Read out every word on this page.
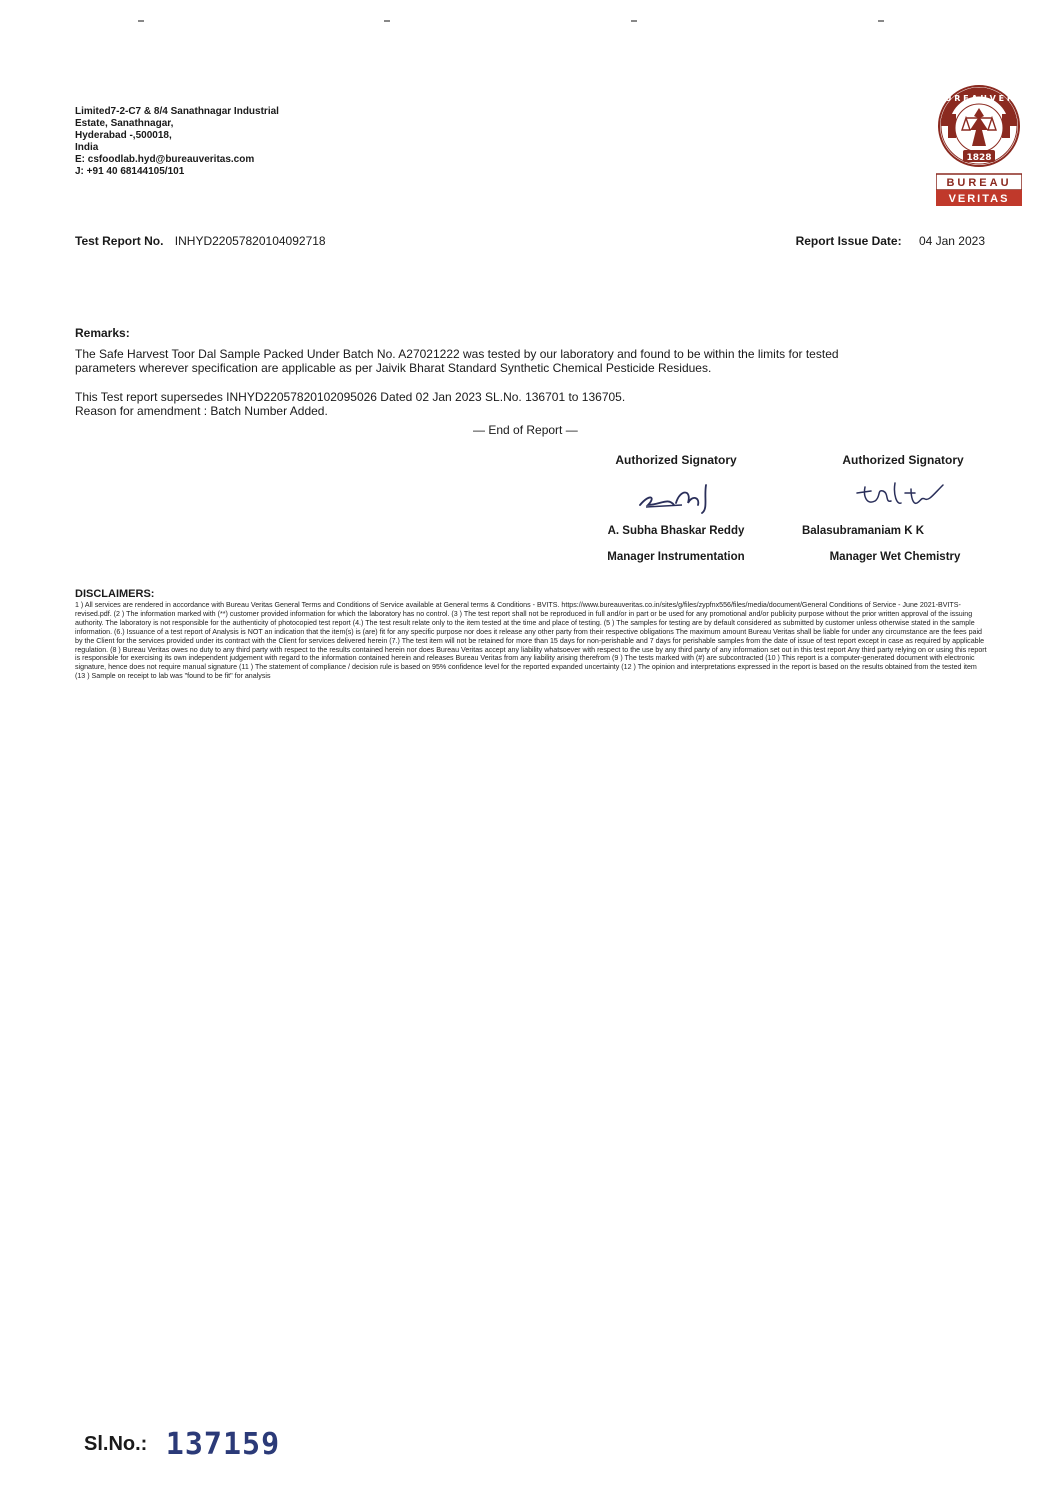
Limited7-2-C7 & 8/4 Sanathnagar Industrial
Estate, Sanathnagar,
Hyderabad -,500018,
India
E: csfoodlab.hyd@bureauveritas.com
J: +91 40 68144105/101
U R E A U V E R
1828
BUREAU
VERITAS
Test Report No. INHYD22057820104092718	Report Issue Date: 04 Jan 2023
Remarks:
The Safe Harvest Toor Dal Sample Packed Under Batch No. A27021222 was tested by our laboratory and found to be within the limits for tested
parameters wherever specification are applicable as per Jaivik Bharat Standard Synthetic Chemical Pesticide Residues.
This Test report supersedes INHYD22057820102095026 Dated 02 Jan 2023 SL.No. 136701 to 136705.
Reason for amendment : Batch Number Added.
— End of Report —
Authorized Signatory
A. Subha Bhaskar Reddy
Manager Instrumentation
Authorized Signatory
Balasubramaniam K K
Manager Wet Chemistry
DISCLAIMERS:
1 ) All services are rendered in accordance with Bureau Veritas General Terms and Conditions of Service available at General terms & Conditions - BVITS. https://www.bureauveritas.co.in/sites/g/files/zypfnx556/files/media/document/General Conditions of Service - June 2021-BVITS-revised.pdf. (2 ) The information marked with (**) customer provided information for which the laboratory has no control. (3 ) The test report shall not be reproduced in full and/or in part or be used for any promotional and/or publicity purpose without the prior written approval of the issuing authority. The laboratory is not responsible for the authenticity of photocopied test report (4.) The test result relate only to the item tested at the time and place of testing. (5 ) The samples for testing are by default considered as submitted by customer unless otherwise stated in the sample information. (6.) Issuance of a test report of Analysis is NOT an indication that the item(s) is (are) fit for any specific purpose nor does it release any other party from their respective obligations The maximum amount Bureau Veritas shall be liable for under any circumstance are the fees paid by the Client for the services provided under its contract with the Client for services delivered herein (7.) The test item will not be retained for more than 15 days for non-perishable and 7 days for perishable samples from the date of issue of test report except in case as required by applicable regulation. (8 ) Bureau Veritas owes no duty to any third party with respect to the results contained herein nor does Bureau Veritas accept any liability whatsoever with respect to the use by any third party of any information set out in this test report Any third party relying on or using this report is responsible for exercising its own independent judgement with regard to the information contained herein and releases Bureau Veritas from any liability arising therefrom (9 ) The tests marked with (#) are subcontracted (10 ) This report is a computer-generated document with electronic signature, hence does not require manual signature (11 ) The statement of compliance / decision rule is based on 95% confidence level for the reported expanded uncertainty (12 ) The opinion and interpretations expressed in the report is based on the results obtained from the tested item (13 ) Sample on receipt to lab was "found to be fit" for analysis
Sl.No.: 137159
